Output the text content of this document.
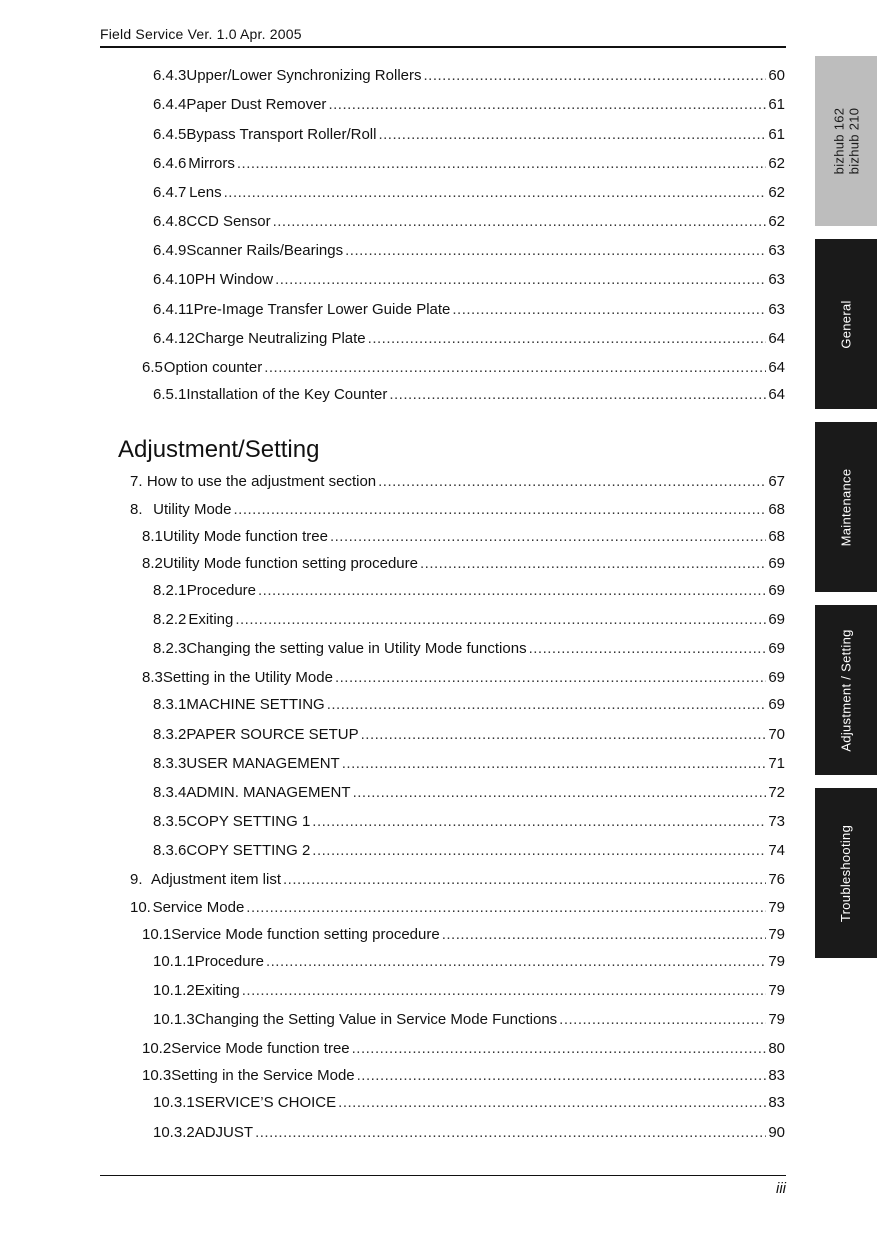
Field Service Ver. 1.0 Apr. 2005
6.4.3 Upper/Lower Synchronizing Rollers .....	60
6.4.4 Paper Dust Remover .....	61
6.4.5 Bypass Transport Roller/Roll .....	61
6.4.6 Mirrors .....	62
6.4.7 Lens .....	62
6.4.8 CCD Sensor .....	62
6.4.9 Scanner Rails/Bearings .....	63
6.4.10 PH Window .....	63
6.4.11 Pre-Image Transfer Lower Guide Plate .....	63
6.4.12 Charge Neutralizing Plate .....	64
6.5 Option counter .....	64
6.5.1 Installation of the Key Counter .....	64
Adjustment/Setting
7. How to use the adjustment section .....	67
8. Utility Mode .....	68
8.1 Utility Mode function tree .....	68
8.2 Utility Mode function setting procedure .....	69
8.2.1 Procedure .....	69
8.2.2 Exiting .....	69
8.2.3 Changing the setting value in Utility Mode functions .....	69
8.3 Setting in the Utility Mode .....	69
8.3.1 MACHINE SETTING .....	69
8.3.2 PAPER SOURCE SETUP .....	70
8.3.3 USER MANAGEMENT .....	71
8.3.4 ADMIN. MANAGEMENT .....	72
8.3.5 COPY SETTING 1 .....	73
8.3.6 COPY SETTING 2 .....	74
9. Adjustment item list .....	76
10. Service Mode .....	79
10.1 Service Mode function setting procedure .....	79
10.1.1 Procedure .....	79
10.1.2 Exiting .....	79
10.1.3 Changing the Setting Value in Service Mode Functions .....	79
10.2 Service Mode function tree .....	80
10.3 Setting in the Service Mode .....	83
10.3.1 SERVICE’S CHOICE .....	83
10.3.2 ADJUST .....	90
iii
bizhub 162 bizhub 210
General
Maintenance
Adjustment / Setting
Troubleshooting
